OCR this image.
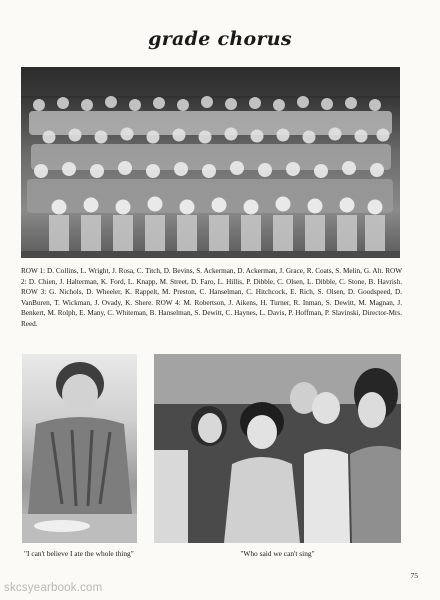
grade chorus
ROW 1: D. Collins, L. Wright, J. Rosa, C. Titch, D. Bevins, S. Ackerman, D. Ackerman, J. Grace, R. Coats, S. Melin, G. Alt. ROW 2: D. Chien, J. Halterman, K. Ford, L. Knapp, M. Street, D. Faro, L. Hillis, P. Dibble, C. Olsen, L. Dibble, C. Stone, B. Havrish. ROW 3: G. Nichols, D. Wheeler, K. Rappelt, M. Preston, C. Hanselman, C. Hitchcock, E. Rich, S. Olsen, D. Goodspeed, D. VanBuren, T. Wickman, J. Ovady, K. Shere. ROW 4: M. Robertson, J. Aikens, H. Turner, R. Inman, S. Dewitt, M. Magnan, J. Benkert, M. Rolph, E. Many, C. Whiteman, B. Hanselman, S. Dewitt, C. Haynes, L. Davis, P. Hoffman, P. Slavinski, Director-Mrs. Reed.
"I can't believe I ate the whole thing"	"Who said we can't sing"
75
skcsyearbook.com
